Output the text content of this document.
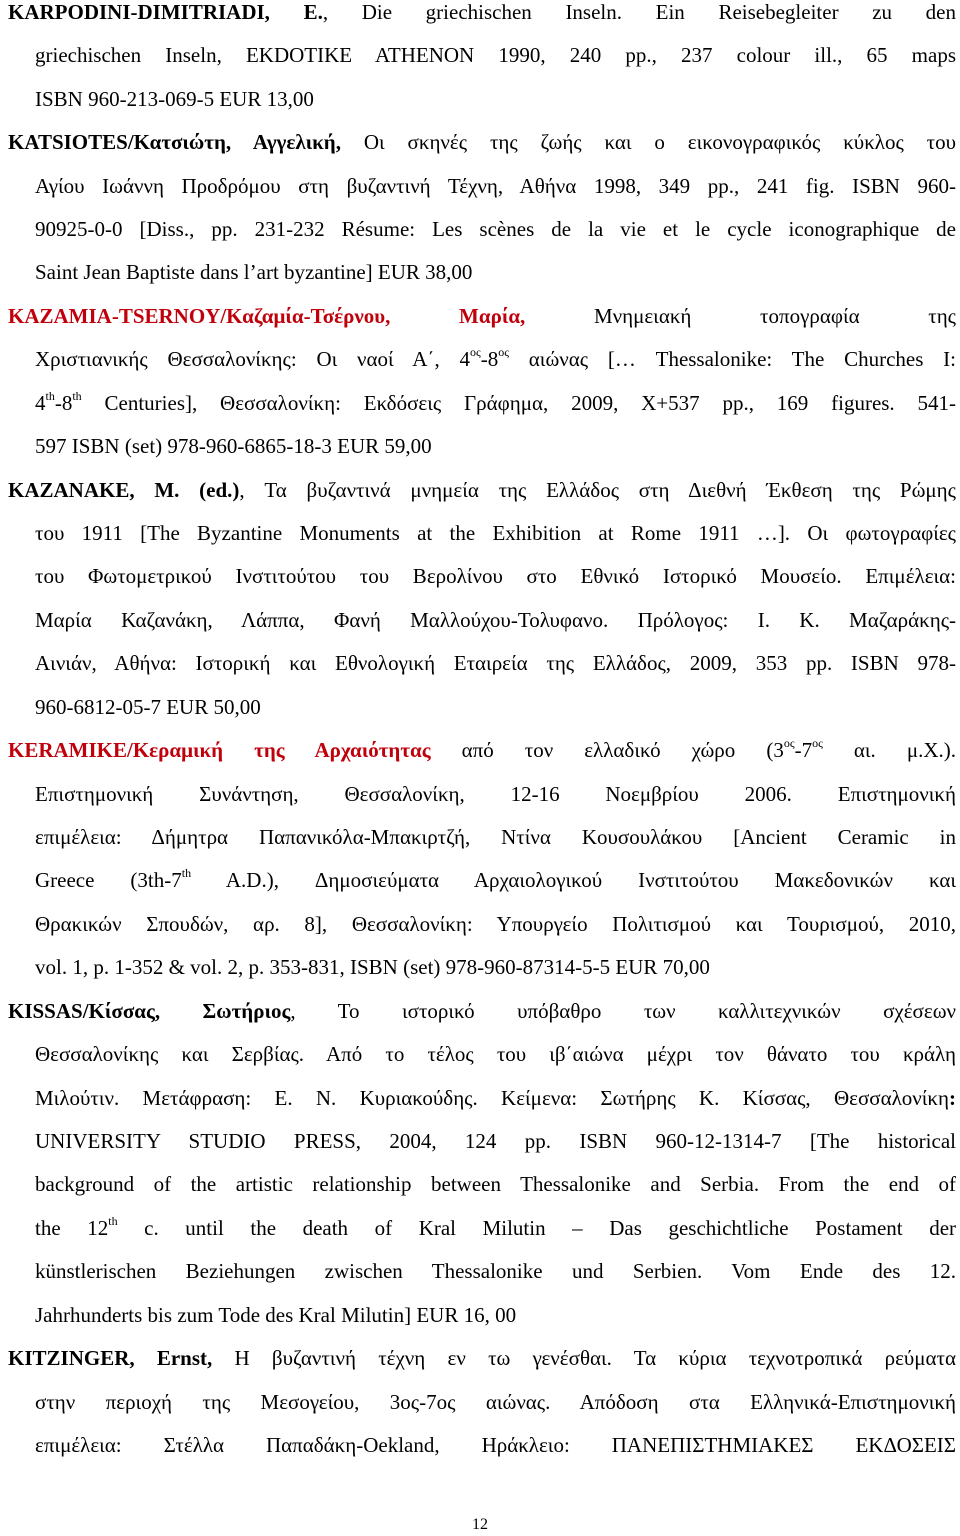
KARPODINI-DIMITRIADI, E., Die griechischen Inseln. Ein Reisebegleiter zu den
griechischen Inseln, EKDOTIKE ATHENON 1990, 240 pp., 237 colour ill., 65 maps
ISBN 960-213-069-5 EUR 13,00
KATSIOTES/Κατσιώτη, Αγγελική, Οι σκηνές της ζωής και ο εικονογραφικός κύκλος του
Αγίου Ιωάννη Προδρόμου στη βυζαντινή Τέχνη, Αθήνα 1998, 349 pp., 241 fig. ISBN 960-
90925-0-0 [Diss., pp. 231-232 Résume: Les scènes de la vie et le cycle iconographique de
Saint Jean Baptiste dans l’art byzantine] EUR 38,00
KAZAMIA-TSERNOY/Καζαμία-Τσέρνου, Μαρία, Μνημειακή τοπογραφία της
Χριστιανικής Θεσσαλονίκης: Οι ναοί Α΄, $4^{o\varsigma}-8^{o\varsigma}$ αιώνας [… Thessalonike: The Churches I:
4th-8th Centuries], Θεσσαλονίκη: Εκδόσεις Γράφημα, 2009, Χ+537 pp., 169 figures. 541-
597 ISBN (set) 978-960-6865-18-3 EUR 59,00
KAZANAKE, M. (ed.), Τα βυζαντινά μνημεία της Ελλάδος στη Διεθνή Έκθεση της Ρώμης
του 1911 [The Byzantine Monuments at the Exhibition at Rome 1911 …]. Οι φωτογραφίες
του Φωτομετρικού Ινστιτούτου του Βερολίνου στο Εθνικό Ιστορικό Μουσείο. Επιμέλεια:
Μαρία Καζανάκη, Λάππα, Φανή Μαλλούχου-Τολυφανο. Πρόλογος: Ι. Κ. Μαζαράκης-
Αινιάν, Αθήνα: Ιστορική και Εθνολογική Εταιρεία της Ελλάδος, 2009, 353 pp. ISBN 978-
960-6812-05-7 EUR 50,00
KERAMIKE/Κεραμική της Αρχαιότητας από τον ελλαδικό χώρο ($3^{o\varsigma}-7^{o\varsigma}$ αι. μ.Χ.).
Επιστημονική Συνάντηση, Θεσσαλονίκη, 12-16 Νοεμβρίου 2006. Επιστημονική
επιμέλεια: Δήμητρα Παπανικόλα-Μπακιρτζή, Ντίνα Κουσουλάκου [Ancient Ceramic in
Greece (3th-7th A.D.), Δημοσιεύματα Αρχαιολογικού Ινστιτούτου Μακεδονικών και
Θρακικών Σπουδών, αρ. 8], Θεσσαλονίκη: Υπουργείο Πολιτισμού και Τουρισμού, 2010,
vol. 1, p. 1-352 & vol. 2, p. 353-831, ISBN (set) 978-960-87314-5-5 EUR 70,00
KISSAS/Κίσσας, Σωτήριος, Το ιστορικό υπόβαθρο των καλλιτεχνικών σχέσεων
Θεσσαλονίκης και Σερβίας. Από το τέλος του ιβ΄αιώνα μέχρι τον θάνατο του κράλη
Μιλούτιν. Μετάφραση: Ε. Ν. Κυριακούδης. Κείμενα: Σωτήρης Κ. Κίσσας, Θεσσαλονίκη:
UNIVERSITY STUDIO PRESS, 2004, 124 pp. ISBN 960-12-1314-7 [The historical
background of the artistic relationship between Thessalonike and Serbia. From the end of
the 12th c. until the death of Kral Milutin – Das geschichtliche Postament der
künstlerischen Beziehungen zwischen Thessalonike und Serbien. Vom Ende des 12.
Jahrhunderts bis zum Tode des Kral Milutin] EUR 16, 00
KITZINGER, Ernst, Η βυζαντινή τέχνη εν τω γενέσθαι. Τα κύρια τεχνοτροπικά ρεύματα
στην περιοχή της Μεσογείου, 3ος-7ος αιώνας. Απόδοση στα Ελληνικά-Επιστημονική
επιμέλεια: Στέλλα Παπαδάκη-Oekland, Ηράκλειο: ΠΑΝΕΠΙΣΤΗΜΙΑΚΕΣ ΕΚΔΟΣΕΙΣ
12
